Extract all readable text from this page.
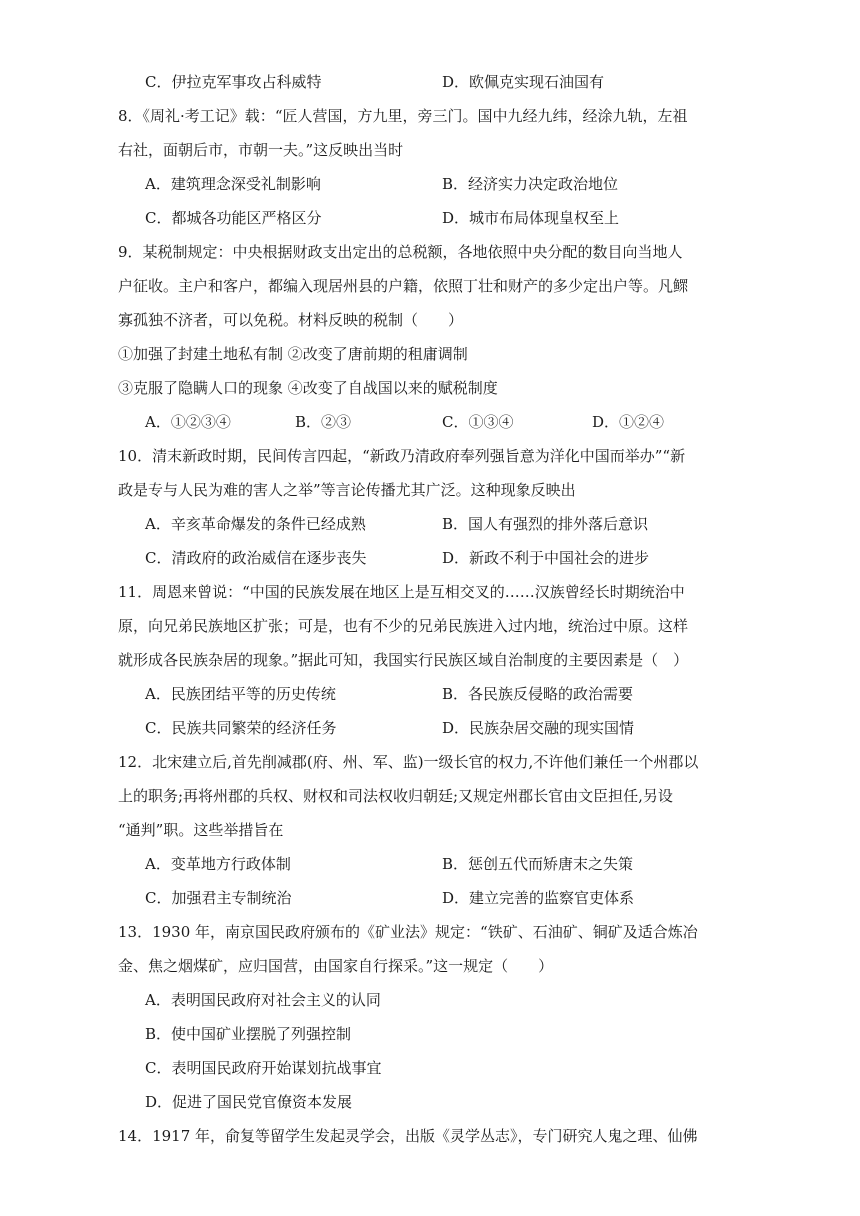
C．伊拉克军事攻占科威特	D．欧佩克实现石油国有
8．《周礼·考工记》载：“匠人营国，方九里，旁三门。国中九经九纬，经涂九轨，左祖
右社，面朝后市，市朝一夫。”这反映出当时
A．建筑理念深受礼制影响	B．经济实力决定政治地位
C．都城各功能区严格区分	D．城市布局体现皇权至上
9．某税制规定：中央根据财政支出定出的总税额，各地依照中央分配的数目向当地人
户征收。主户和客户，都编入现居州县的户籍，依照丁壮和财产的多少定出户等。凡鳏
寡孤独不济者，可以免税。材料反映的税制（　　）
①加强了封建土地私有制 ②改变了唐前期的租庸调制
③克服了隐瞒人口的现象 ④改变了自战国以来的赋税制度
A．①②③④	B．②③	C．①③④	D．①②④
10．清末新政时期，民间传言四起，“新政乃清政府奉列强旨意为洋化中国而举办”“新
政是专与人民为难的害人之举”等言论传播尤其广泛。这种现象反映出
A．辛亥革命爆发的条件已经成熟	B．国人有强烈的排外落后意识
C．清政府的政治威信在逐步丧失	D．新政不利于中国社会的进步
11．周恩来曾说：“中国的民族发展在地区上是互相交叉的……汉族曾经长时期统治中
原，向兄弟民族地区扩张；可是，也有不少的兄弟民族进入过内地，统治过中原。这样
就形成各民族杂居的现象。”据此可知，我国实行民族区域自治制度的主要因素是（　）
A．民族团结平等的历史传统	B．各民族反侵略的政治需要
C．民族共同繁荣的经济任务	D．民族杂居交融的现实国情
12．北宋建立后,首先削减郡(府、州、军、监)一级长官的权力,不许他们兼任一个州郡以
上的职务;再将州郡的兵权、财权和司法权收归朝廷;又规定州郡长官由文臣担任,另设
“通判”职。这些举措旨在
A．变革地方行政体制	B．惩创五代而矫唐末之失策
C．加强君主专制统治	D．建立完善的监察官吏体系
13．1930 年，南京国民政府颁布的《矿业法》规定：“铁矿、石油矿、铜矿及适合炼冶
金、焦之烟煤矿，应归国营，由国家自行探采。”这一规定（　　）
A．表明国民政府对社会主义的认同
B．使中国矿业摆脱了列强控制
C．表明国民政府开始谋划抗战事宜
D．促进了国民党官僚资本发展
14．1917 年，俞复等留学生发起灵学会，出版《灵学丛志》，专门研究人鬼之理、仙佛
